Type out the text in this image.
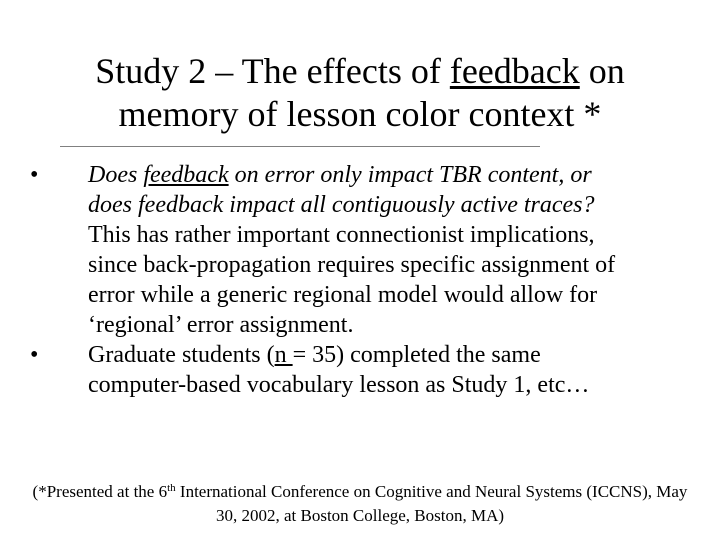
Study 2 – The effects of feedback on memory of lesson color context *
•	Does feedback on error only impact TBR content, or does feedback impact all contiguously active traces? This has rather important connectionist implications, since back-propagation requires specific assignment of error while a generic regional model would allow for ‘regional’ error assignment.
•	Graduate students (n = 35) completed the same computer-based vocabulary lesson as Study 1, etc…
(*Presented at the 6th International Conference on Cognitive and Neural Systems (ICCNS), May 30, 2002, at Boston College, Boston, MA)
